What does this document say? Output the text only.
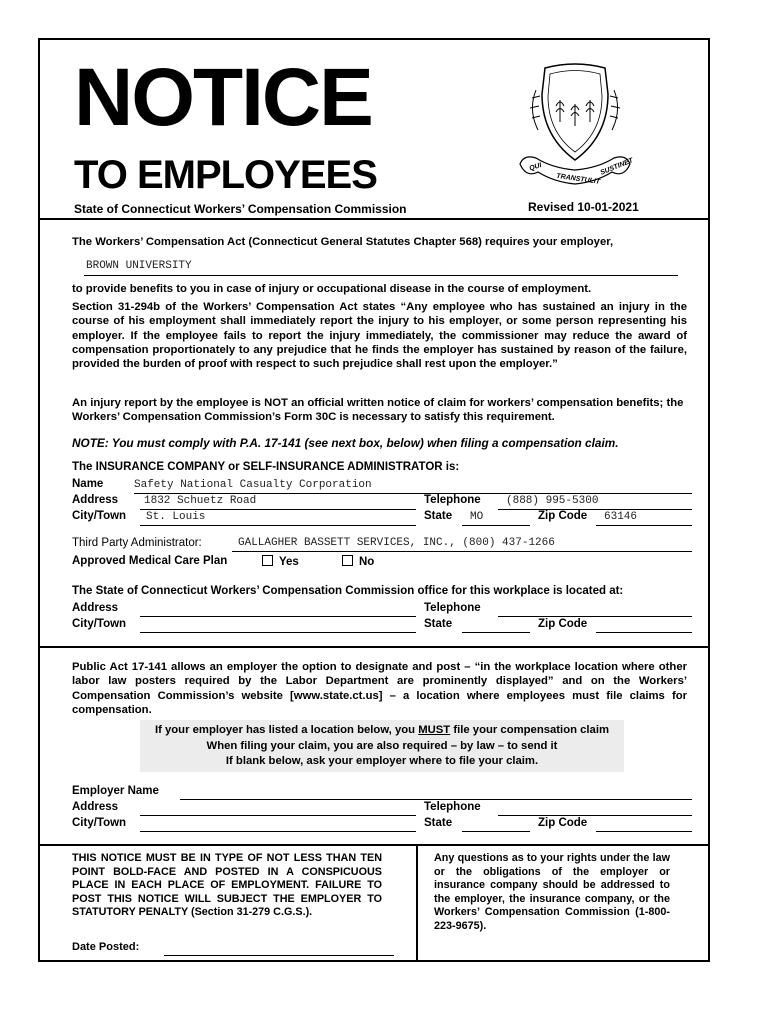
NOTICE
TO EMPLOYEES
State of Connecticut Workers’ Compensation Commission	Revised 10-01-2021
QUI
TRANSTULIT
SUSTINET
The Workers’ Compensation Act (Connecticut General Statutes Chapter 568) requires your employer,
BROWN UNIVERSITY
to provide benefits to you in case of injury or occupational disease in the course of employment.
Section 31-294b of the Workers’ Compensation Act states “Any employee who has sustained an injury in the course of his employment shall immediately report the injury to his employer, or some person representing his employer. If the employee fails to report the injury immediately, the commissioner may reduce the award of compensation proportionately to any prejudice that he finds the employer has sustained by reason of the failure, provided the burden of proof with respect to such prejudice shall rest upon the employer.”
An injury report by the employee is NOT an official written notice of claim for workers’ compensation benefits; the Workers’ Compensation Commission’s Form 30C is necessary to satisfy this requirement.
NOTE: You must comply with P.A. 17-141 (see next box, below) when filing a compensation claim.
The INSURANCE COMPANY or SELF-INSURANCE ADMINISTRATOR is:
Name	Safety National Casualty Corporation
Address 1832 Schuetz Road	Telephone (888) 995-5300
City/Town St. Louis	State MO	Zip Code 63146
Third Party Administrator:	GALLAGHER BASSETT SERVICES, INC., (800) 437-1266
Approved Medical Care Plan	Yes	No
The State of Connecticut Workers’ Compensation Commission office for this workplace is located at:
Address	Telephone
City/Town	State	Zip Code
Public Act 17-141 allows an employer the option to designate and post – “in the workplace location where other labor law posters required by the Labor Department are prominently displayed” and on the Workers’ Compensation Commission’s website [www.state.ct.us] – a location where employees must file claims for compensation.
If your employer has listed a location below, you MUST file your compensation claim
When filing your claim, you are also required – by law – to send it
If blank below, ask your employer where to file your claim.
Employer Name
Address	Telephone
City/Town	State	Zip Code
THIS NOTICE MUST BE IN TYPE OF NOT LESS THAN TEN POINT BOLD-FACE AND POSTED IN A CONSPICUOUS PLACE IN EACH PLACE OF EMPLOYMENT. FAILURE TO POST THIS NOTICE WILL SUBJECT THE EMPLOYER TO STATUTORY PENALTY (Section 31-279 C.G.S.).
Date Posted:
Any questions as to your rights under the law or the obligations of the employer or insurance company should be addressed to the employer, the insurance company, or the Workers’ Compensation Commission (1-800-223-9675).
